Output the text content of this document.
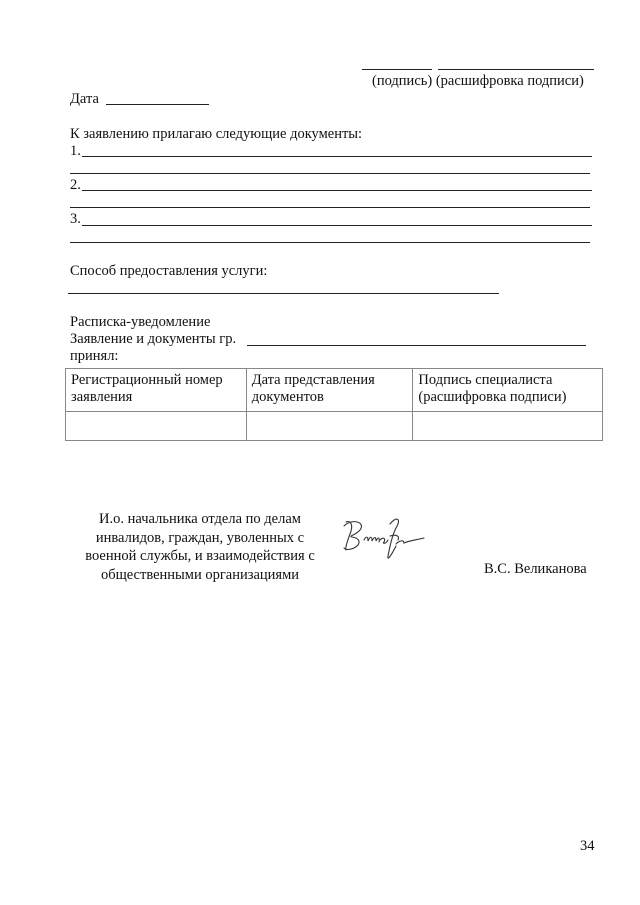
(подпись) (расшифровка подписи)
Дата
К заявлению прилагаю следующие документы:
1.
2.
3.
Способ предоставления услуги:
Расписка-уведомление
Заявление и документы гр.
принял:
Регистрационный номер заявления	Дата представления документов	Подпись специалиста (расшифровка подписи)

И.о. начальника отдела по делам инвалидов, граждан, уволенных с военной службы, и взаимодействия с общественными организациями	В.С. Великанова
34
